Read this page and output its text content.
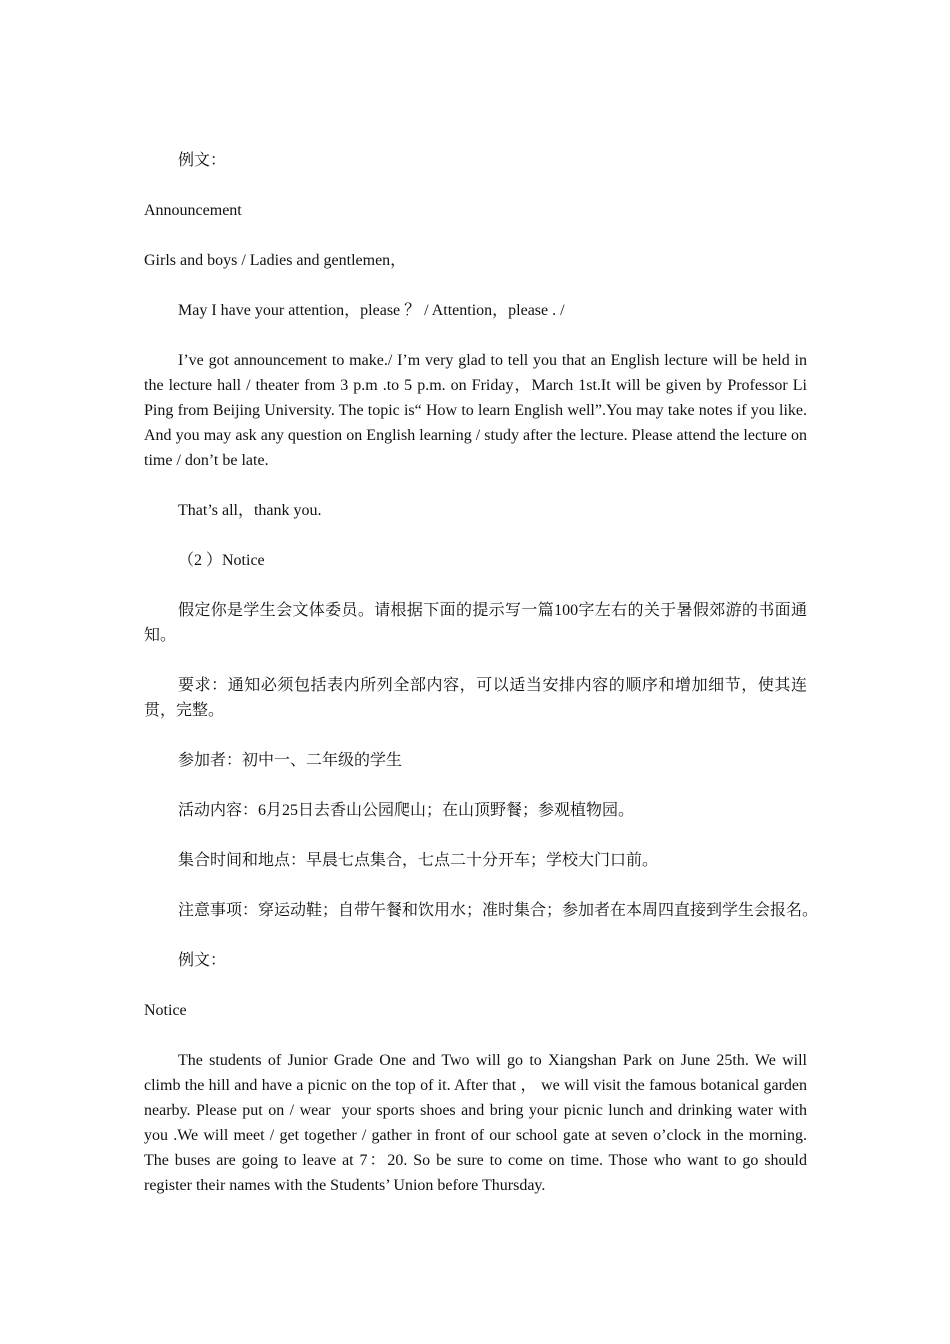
例文：

Announcement

Girls and boys / Ladies and gentlemen，

May I have your attention，please ？ / Attention，please . /

I’ve got announcement to make./ I’m very glad to tell you that an English lecture will be held in the lecture hall / theater from 3 p.m .to 5 p.m. on Friday，March 1st.It will be given by Professor Li Ping from Beijing University. The topic is“ How to learn English well”.You may take notes if you like. And you may ask any question on English learning / study after the lecture. Please attend the lecture on time / don’t be late.

That’s all，thank you.

（2 ）Notice

假定你是学生会文体委员。请根据下面的提示写一篇100字左右的关于暑假郊游的书面通知。

要求：通知必须包括表内所列全部内容，可以适当安排内容的顺序和增加细节，使其连贯，完整。

参加者：初中一、二年级的学生

活动内容：6月25日去香山公园爬山；在山顶野餐；参观植物园。

集合时间和地点：早晨七点集合，七点二十分开车；学校大门口前。

注意事项：穿运动鞋；自带午餐和饮用水；准时集合；参加者在本周四直接到学生会报名。

例文：

Notice

The students of Junior Grade One and Two will go to Xiangshan Park on June 25th. We will climb the hill and have a picnic on the top of it. After that ， we will visit the famous botanical garden nearby. Please put on / wear  your sports shoes and bring your picnic lunch and drinking water with you .We will meet / get together / gather in front of our school gate at seven o’clock in the morning. The buses are going to leave at 7：20. So be sure to come on time. Those who want to go should register their names with the Students’ Union before Thursday.
